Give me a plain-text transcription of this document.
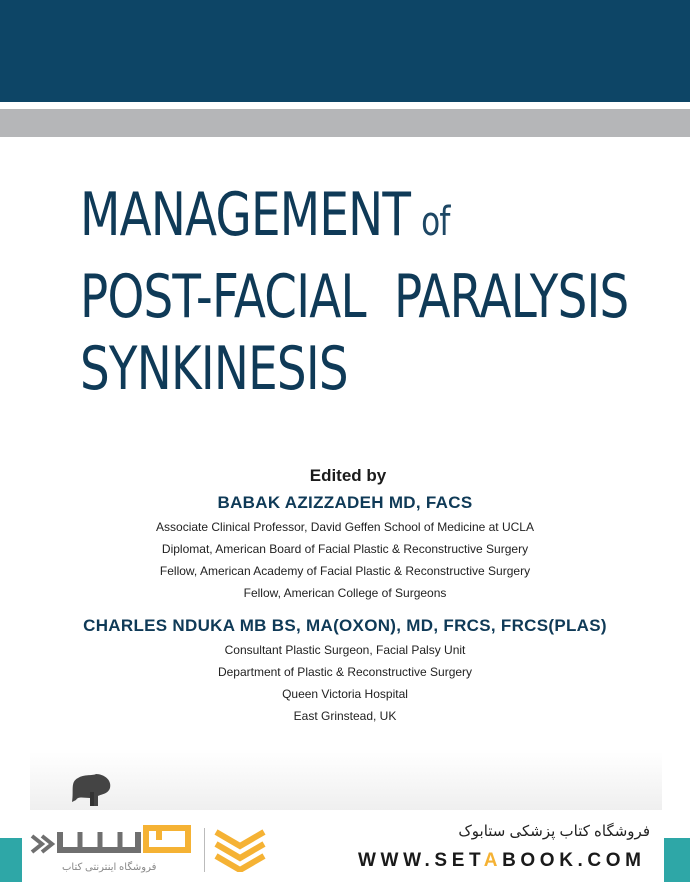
MANAGEMENT of
POST-FACIAL  PARALYSIS
SYNKINESIS
Edited by
BABAK AZIZZADEH MD, FACS
Associate Clinical Professor, David Geffen School of Medicine at UCLA
Diplomat, American Board of Facial Plastic & Reconstructive Surgery
Fellow, American Academy of Facial Plastic & Reconstructive Surgery
Fellow, American College of Surgeons
CHARLES NDUKA MB BS, MA(OXON), MD, FRCS, FRCS(PLAS)
Consultant Plastic Surgeon, Facial Palsy Unit
Department of Plastic & Reconstructive Surgery
Queen Victoria Hospital
East Grinstead, UK
فروشگاه اینترنتی کتاب
فروشگاه کتاب پزشکی ستابوک
WWW.SETABOOK.COM
